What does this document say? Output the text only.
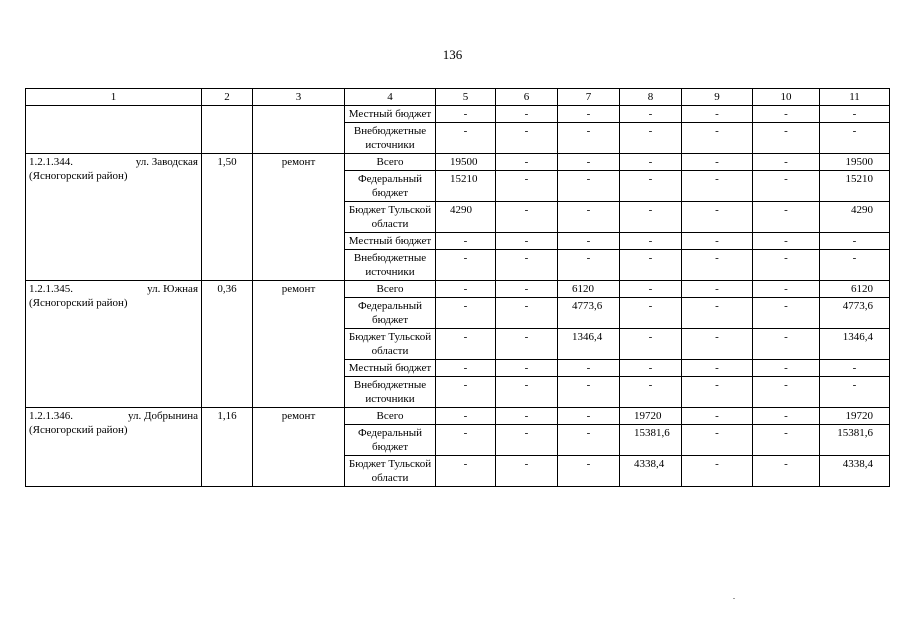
136
1	2	3	4	5	6	7	8	9	10	11
			Местный бюджет	-	-	-	-	-	-	-
			Внебюджетные источники	-	-	-	-	-	-	-

1.2.1.344. ул. Заводская
(Ясногорский район)	1,50	ремонт	Всего	19500	-	-	-	-	-	19500
			Федеральный бюджет	15210	-	-	-	-	-	15210
			Бюджет Тульской области	4290	-	-	-	-	-	4290
			Местный бюджет	-	-	-	-	-	-	-
			Внебюджетные источники	-	-	-	-	-	-	-

1.2.1.345. ул. Южная
(Ясногорский район)	0,36	ремонт	Всего	-	-	6120	-	-	-	6120
			Федеральный бюджет	-	-	4773,6	-	-	-	4773,6
			Бюджет Тульской области	-	-	1346,4	-	-	-	1346,4
			Местный бюджет	-	-	-	-	-	-	-
			Внебюджетные источники	-	-	-	-	-	-	-

1.2.1.346. ул. Добрынина
(Ясногорский район)	1,16	ремонт	Всего	-	-	-	19720	-	-	19720
			Федеральный бюджет	-	-	-	15381,6	-	-	15381,6
			Бюджет Тульской области	-	-	-	4338,4	-	-	4338,4
